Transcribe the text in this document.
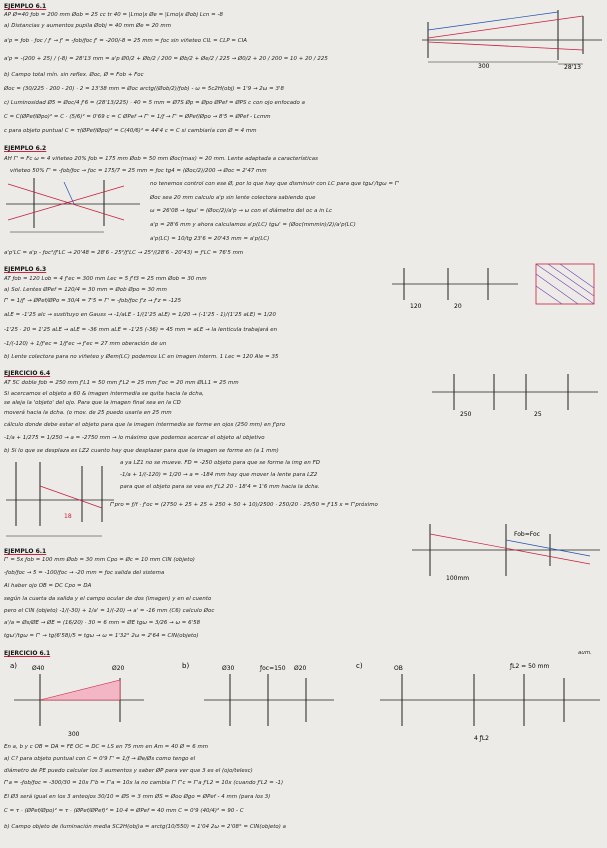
EJEMPLO 6.1
AP Ø=40 ƒob = 200 mm Øob = 25 cc tr 40 = |Lmo|x Øe = |Lmo|x Øobj Lcn = -8
a) Distancias y aumentos pupila Øobj = 40 mm Øe = 20 mm
a'p = ƒob · ƒoc / ƒ' → ƒ' = -ƒob/ƒoc ƒ' = -200/-8 = 25 mm = ƒoc sin viñeteo CIL = CLP = CIA
a'p = -(200 + 25) / (-8) = 28'13 mm = a'p Ø0/2 + Øb/2 / 200 = Øb/2 + Øe/2 / 225 → Ø0/2 + 20 / 200 = 10 + 20 / 225
b) Campo total mín. sin reflex. Øoc, Ø = Fob + Foc
Øoc = (30/225 · 200 - 20) · 2 = 13'38 mm = Øoc arctg((Øob/2)/ƒob) - ω = 5c2H(obj) = 1'9 → 2ω = 3'8
c) Luminosidad Ø5 = Øoc/4 ƒ'6 = (28'13/225) · 40 = 5 mm = Ø7S Øp = Øpo ØPef = ØPS c con ojo enfocado a
C = C(ØPef/Øpo)² = C · (5/6)² = 0'69 c = C ØPef → Γ' = 1/ƒ → Γ' = ØPef/Øpo → 8'5 = ØPef - Lcmm
c para objeto puntual C = τ(ØPef/Øpo)² = C(40/6)² = 44'4 c = C si cambiaría con Ø = 4 mm
300	28'13
EJEMPLO 6.2
AH Γ' = Fc ω = 4 viñeteo 20% ƒob = 175 mm Øob = 50 mm Øoc(max) = 20 mm. Lente adaptada a características
viñeteo 50% Γ' = -ƒob/ƒoc → ƒoc = 175/7 = 25 mm = ƒoc tg4 = (Øoc/2)/200 → Øoc = 2'47 mm
no tenemos control con ese Ø, por lo que hay que disminuir con LC para que tgω'/tgω = Γ'
Øoc sea 20 mm calculo a'p sin lente colectora sabiendo que
ω = 26'08 → tgω' = (Øoc/2)/a'p → ω con el diámetro del oc a in Lc
a'p = 28'6 mm y ahora calculamos a'p(LC) tgω' = (Øoc(mmmin)/2)/a'p(LC)
a'p(LC) = 10/tg 23'6 = 20'43 mm = a'p(LC)
a'p'LC = a'p - ƒoc²/ƒ'LC → 20'48 = 28'6 - 25²/ƒ'LC → 25²/(28'6 - 20'43) = ƒ'LC = 76'5 mm
EJEMPLO 6.3
AT ƒob = 120 Lob = 4 ƒ'ec = 300 mm Lec = 5 ƒ'f3 = 25 mm Øob = 30 mm
a) Sol. Lentes ØPef = 120/4 = 30 mm = Øob Øpo = 30 mm
Γ' = 1/ƒ' → ØPef/ØPo = 30/4 = 7'5 = Γ' = -ƒob/ƒoc ƒ'z → ƒ'z = -125
aLE = -1'25 alc → sustituyo en Gauss → -1/aLE - 1/(1'25 aLE) = 1/20 → (-1'25 - 1)/(1'25 aLE) = 1/20
-1'25 · 20 = 1'25 aLE → aLE = -36 mm aLE = -1'25 (-36) = 45 mm = aLE → la lenticula trabajará en
-1/(-120) + 1/ƒ'ec = 1/ƒ'ec → ƒ'ec = 27 mm oberación de un
b) Lente colectora para no viñeteo y Øem(LC) podemos LC en imagen interm. 1 Lec = 120 Ale = 35
120	20
EJERCICIO 6.4
AT 5C doble ƒob = 250 mm ƒ'L1 = 50 mm ƒ'L2 = 25 mm ƒ'oc = 20 mm ØLL1 = 25 mm
Si acercamos el objeto a 60 & imagen intermedia se quita hacia la dcha,
se aleja la 'objeto' del ojo. Para que la imagen final sea en la CD
moverá hacia la dcha. (o mov. de 25 puedo usarla en 25 mm
cálculo donde debe estar el objeto para que la imagen intermedia se forme en ojos (250 mm) en ƒ'pro
-1/a + 1/275 = 1/250 → a = -2750 mm → lo máximo que podemos acercar el objeto al objetivo
b) Si lo que se desplaza es LZ2 cuanto hay que desplazar para que la imagen se forme en (a 1 mm)
a ya LZ1 no se mueve. FD = -250 objeto para que se forme la img en FD
-1/a + 1/(-120) = 1/20 → a = -184 mm hay que mover la lente para LZ2
para que el objeto para se vea en ƒ'L2 20 - 18'4 = 1'6 mm hacia la dcha.
Γ'pro = ƒ/f · ƒ'oc = (2750 + 25 + 25 + 250 + 50 + 10)/2500 · 250/20 · 25/50 = ƒ'15 x = Γ'próximo
18
250	25
EJEMPLO 6.1
Γ' = 5x ƒob = 100 mm Øob = 30 mm Cpo = Øc = 10 mm CIN (objeto)
-ƒob/ƒoc → 5 = -100/ƒoc → -20 mm = ƒoc salida del sistema
Al haber ojo OB = DC Cpo = DA
según la cuarta da salida y el campo ocular de dos (imagen) y en el cuento
pero el CIN (objeto) -1/(-30) + 1/a' = 1/(-20) → a' = -16 mm (C6) calculo Øoc
a'/a = Øs/ØE → ØE = (16/20) · 30 = 6 mm = ØE tgω = 3/26 → ω = 6'58
tgω'/tgω = Γ' → tg(6'58)/5 = tgω → ω = 1'32° 2ω = 2'64 = CIN(objeto)
Fob=Foc
100mm
EJERCICIO 6.1	aum.
a) Ø40	Ø20
300
b)	Ø30	ƒoc=150 Ø20	c)	OB	ƒL2 = 50 mm
4 ƒL2
En a, b y c OB = DA = FE OC = DC = LS en 75 mm en Am = 40 Ø = 6 mm
a) C? para objeto puntual con C = 0'9 Γ' = 1/ƒ → Øe/Øs como tengo el
diámetro de PE puedo calcular los 3 aumentos y saber ØP para ver que 3 es el (ojo/telesc)
Γ'a = -ƒob/ƒoc = -300/30 = 10x Γ'b = Γ'a = 10x la no cambia Γ' Γ'c = Γ'a ƒ'L2 = 10x (cuando ƒ'L2 = -1)
El Ø3 será igual en los 3 anteojos 30/10 = ØS = 3 mm ØS = Øoo Øgo = ØPef - 4 mm (para los 3)
C = τ · (ØPef/Øpo)² = τ · (ØPef/ØPef)² = 10·4 = ØPef = 40 mm C = 0'9 (40/4)² = 90 - C
b) Campo objeto de iluminación media SC2H(obj)a = arctg(10/550) = 1'04 2ω = 2'08° = CIN(objeto) a
